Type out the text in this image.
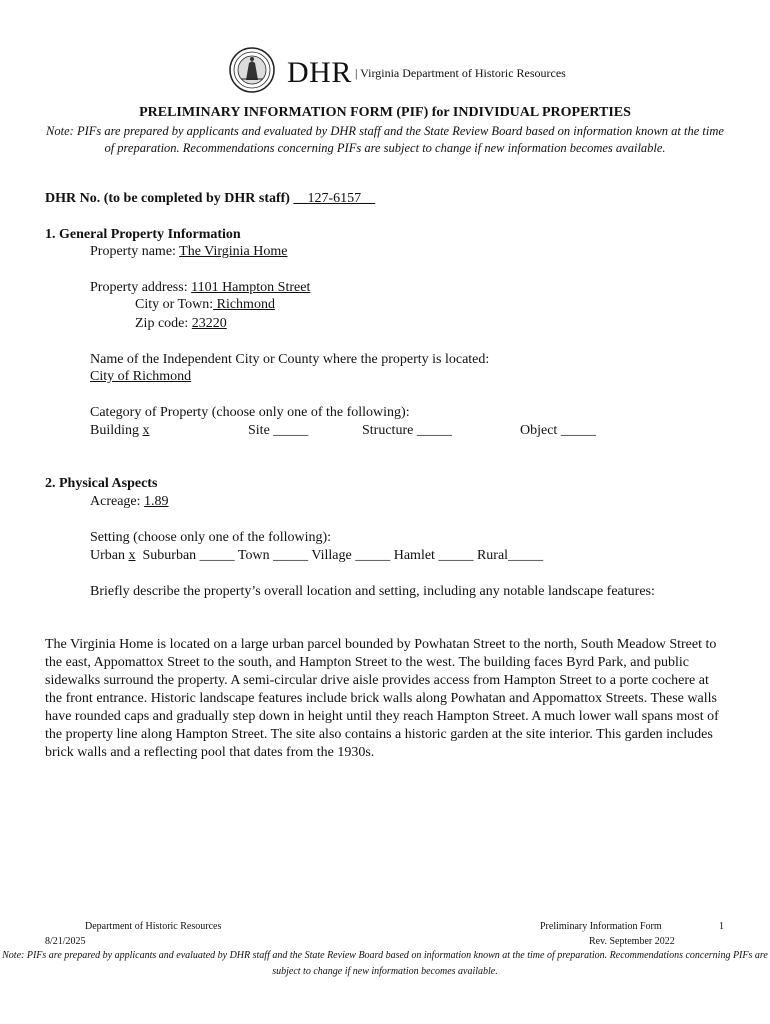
DHR | Virginia Department of Historic Resources
PRELIMINARY INFORMATION FORM (PIF) for INDIVIDUAL PROPERTIES
Note: PIFs are prepared by applicants and evaluated by DHR staff and the State Review Board based on information known at the time of preparation. Recommendations concerning PIFs are subject to change if new information becomes available.
DHR No. (to be completed by DHR staff) __127-6157__
1. General Property Information
Property name: The Virginia Home
Property address: 1101 Hampton Street
City or Town: Richmond
Zip code: 23220
Name of the Independent City or County where the property is located:
City of Richmond
Category of Property (choose only one of the following):
Building x	Site _____	Structure _____	Object _____
2. Physical Aspects
Acreage: 1.89
Setting (choose only one of the following):
Urban x Suburban _____ Town _____ Village _____ Hamlet _____ Rural_____
Briefly describe the property’s overall location and setting, including any notable landscape features:
The Virginia Home is located on a large urban parcel bounded by Powhatan Street to the north, South Meadow Street to the east, Appomattox Street to the south, and Hampton Street to the west. The building faces Byrd Park, and public sidewalks surround the property. A semi-circular drive aisle provides access from Hampton Street to a porte cochere at the front entrance. Historic landscape features include brick walls along Powhatan and Appomattox Streets. These walls have rounded caps and gradually step down in height until they reach Hampton Street. A much lower wall spans most of the property line along Hampton Street. The site also contains a historic garden at the site interior. This garden includes brick walls and a reflecting pool that dates from the 1930s.
Department of Historic Resources	Preliminary Information Form	1
8/21/2025	Rev. September 2022
Note: PIFs are prepared by applicants and evaluated by DHR staff and the State Review Board based on information known at the time of preparation. Recommendations concerning PIFs are subject to change if new information becomes available.
